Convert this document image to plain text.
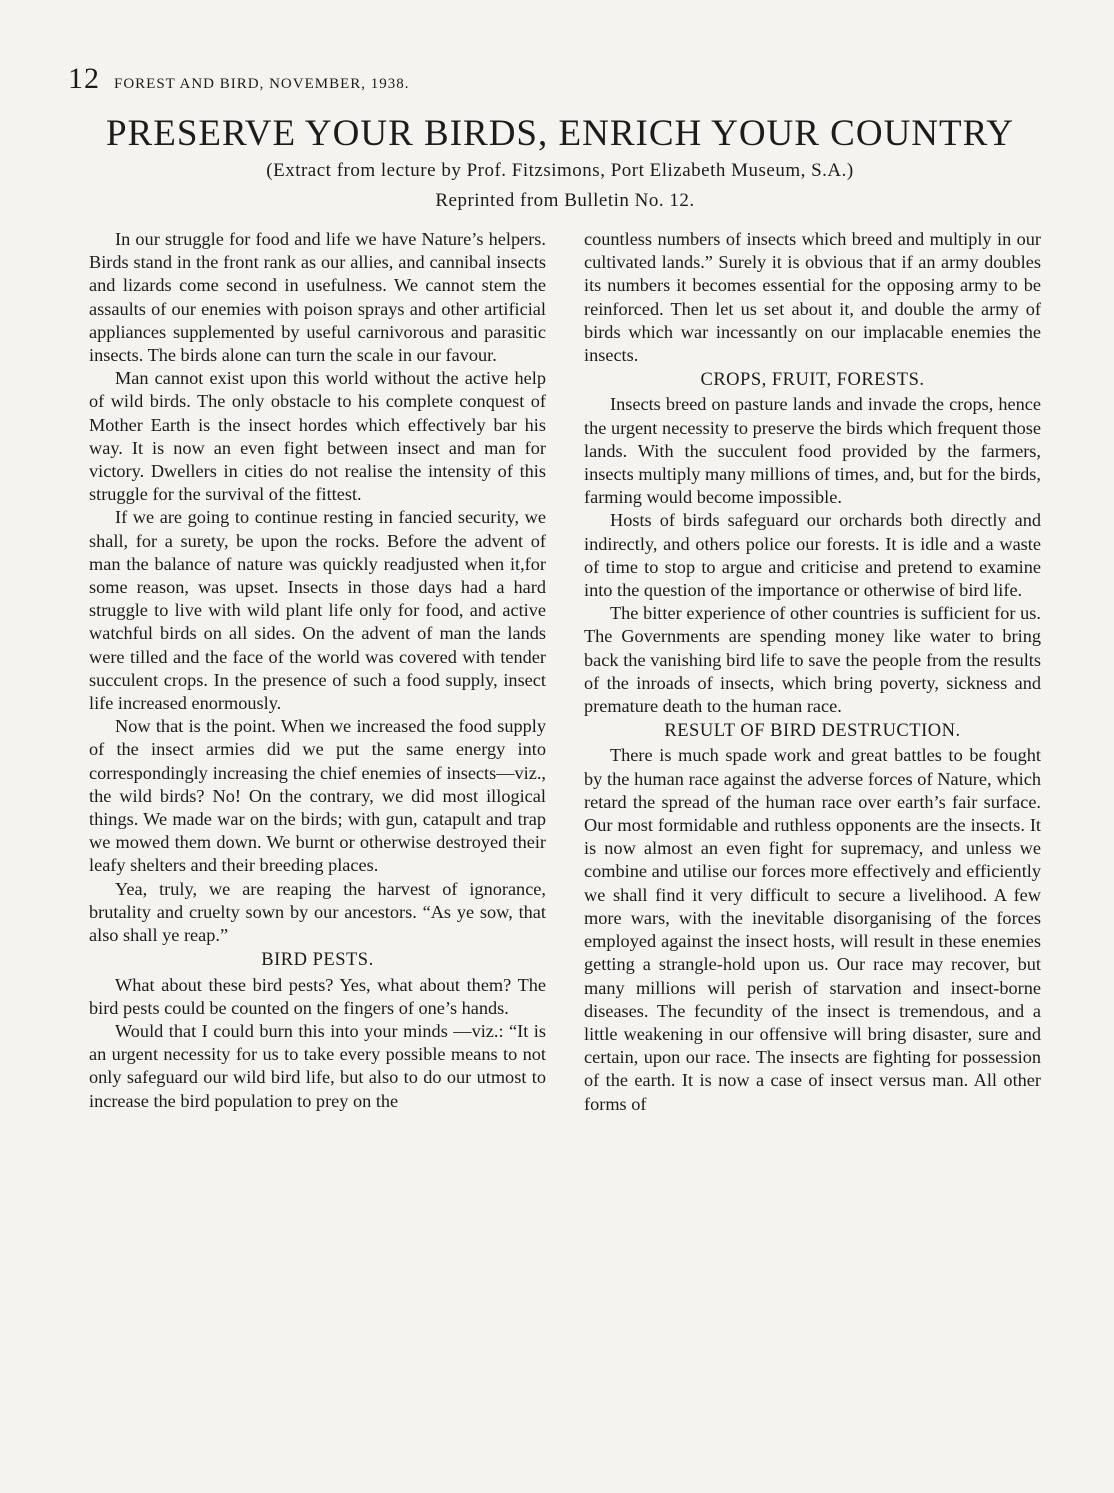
12 FOREST AND BIRD, NOVEMBER, 1938.
PRESERVE YOUR BIRDS, ENRICH YOUR COUNTRY
(Extract from lecture by Prof. Fitzsimons, Port Elizabeth Museum, S.A.)
Reprinted from Bulletin No. 12.

In our struggle for food and life we have Nature’s helpers. Birds stand in the front rank as our allies, and cannibal insects and lizards come second in usefulness. We cannot stem the assaults of our enemies with poison sprays and other artificial appliances supplemented by useful carnivorous and parasitic insects. The birds alone can turn the scale in our favour.

Man cannot exist upon this world without the active help of wild birds. The only obstacle to his complete conquest of Mother Earth is the insect hordes which effectively bar his way. It is now an even fight between insect and man for victory. Dwellers in cities do not realise the intensity of this struggle for the survival of the fittest.

If we are going to continue resting in fancied security, we shall, for a surety, be upon the rocks. Before the advent of man the balance of nature was quickly readjusted when it,for some reason, was upset. Insects in those days had a hard struggle to live with wild plant life only for food, and active watchful birds on all sides. On the advent of man the lands were tilled and the face of the world was covered with tender succulent crops. In the presence of such a food supply, insect life increased enormously.

Now that is the point. When we increased the food supply of the insect armies did we put the same energy into correspondingly increasing the chief enemies of insects—viz., the wild birds? No! On the contrary, we did most illogical things. We made war on the birds; with gun, catapult and trap we mowed them down. We burnt or otherwise destroyed their leafy shelters and their breeding places.

Yea, truly, we are reaping the harvest of ignorance, brutality and cruelty sown by our ancestors. “As ye sow, that also shall ye reap.”

BIRD PESTS.

What about these bird pests? Yes, what about them? The bird pests could be counted on the fingers of one’s hands.

Would that I could burn this into your minds —viz.: “It is an urgent necessity for us to take every possible means to not only safeguard our wild bird life, but also to do our utmost to increase the bird population to prey on the

countless numbers of insects which breed and multiply in our cultivated lands.” Surely it is obvious that if an army doubles its numbers it becomes essential for the opposing army to be reinforced. Then let us set about it, and double the army of birds which war incessantly on our implacable enemies the insects.

CROPS, FRUIT, FORESTS.

Insects breed on pasture lands and invade the crops, hence the urgent necessity to preserve the birds which frequent those lands. With the succulent food provided by the farmers, insects multiply many millions of times, and, but for the birds, farming would become impossible.

Hosts of birds safeguard our orchards both directly and indirectly, and others police our forests. It is idle and a waste of time to stop to argue and criticise and pretend to examine into the question of the importance or otherwise of bird life.

The bitter experience of other countries is sufficient for us. The Governments are spending money like water to bring back the vanishing bird life to save the people from the results of the inroads of insects, which bring poverty, sickness and premature death to the human race.

RESULT OF BIRD DESTRUCTION.

There is much spade work and great battles to be fought by the human race against the adverse forces of Nature, which retard the spread of the human race over earth’s fair surface. Our most formidable and ruthless opponents are the insects. It is now almost an even fight for supremacy, and unless we combine and utilise our forces more effectively and efficiently we shall find it very difficult to secure a livelihood. A few more wars, with the inevitable disorganising of the forces employed against the insect hosts, will result in these enemies getting a strangle-hold upon us. Our race may recover, but many millions will perish of starvation and insect-borne diseases. The fecundity of the insect is tremendous, and a little weakening in our offensive will bring disaster, sure and certain, upon our race. The insects are fighting for possession of the earth. It is now a case of insect versus man. All other forms of
